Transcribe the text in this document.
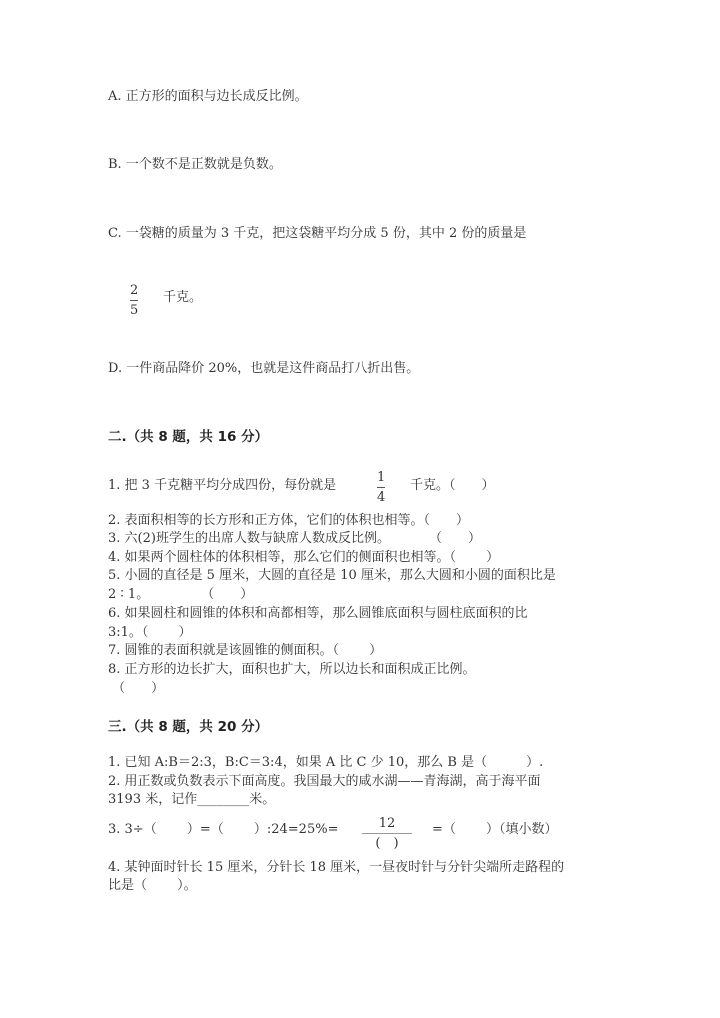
A. 正方形的面积与边长成反比例。
B. 一个数不是正数就是负数。
C. 一袋糖的质量为 3 千克，把这袋糖平均分成 5 份，其中 2 份的质量是
2
5
千克。
D. 一件商品降价 20%，也就是这件商品打八折出售。
二.（共 8 题，共 16 分）
1. 把 3 千克糖平均分成四份，每份就是
1
4
千克。（　　）
2. 表面积相等的长方形和正方体，它们的体积也相等。（　　）
3. 六(2)班学生的出席人数与缺席人数成反比例。　　　　（　　）
4. 如果两个圆柱体的体积相等，那么它们的侧面积也相等。（　　 ）
5. 小圆的直径是 5 厘米，大圆的直径是 10 厘米，那么大圆和小圆的面积比是
2 ∶ 1。　　　　　（　　）
6. 如果圆柱和圆锥的体积和高都相等，那么圆锥底面积与圆柱底面积的比
3:1。（　　 ）
7. 圆锥的表面积就是该圆锥的侧面积。（　　 ）
8. 正方形的边长扩大，面积也扩大，所以边长和面积成正比例。
（　　）
三.（共 8 题，共 20 分）
1. 已知 A:B＝2:3，B:C＝3:4，如果 A 比 C 少 10，那么 B 是（　　　）.
2. 用正数或负数表示下面高度。我国最大的咸水湖——青海湖，高于海平面
3193 米，记作________米。
3. 3÷（　　 ）=（　　 ）:24=25%=	12
(　)
=（　　 ）（填小数）
4. 某钟面时针长 15 厘米，分针长 18 厘米，一昼夜时针与分针尖端所走路程的
比是（　　 ）。
